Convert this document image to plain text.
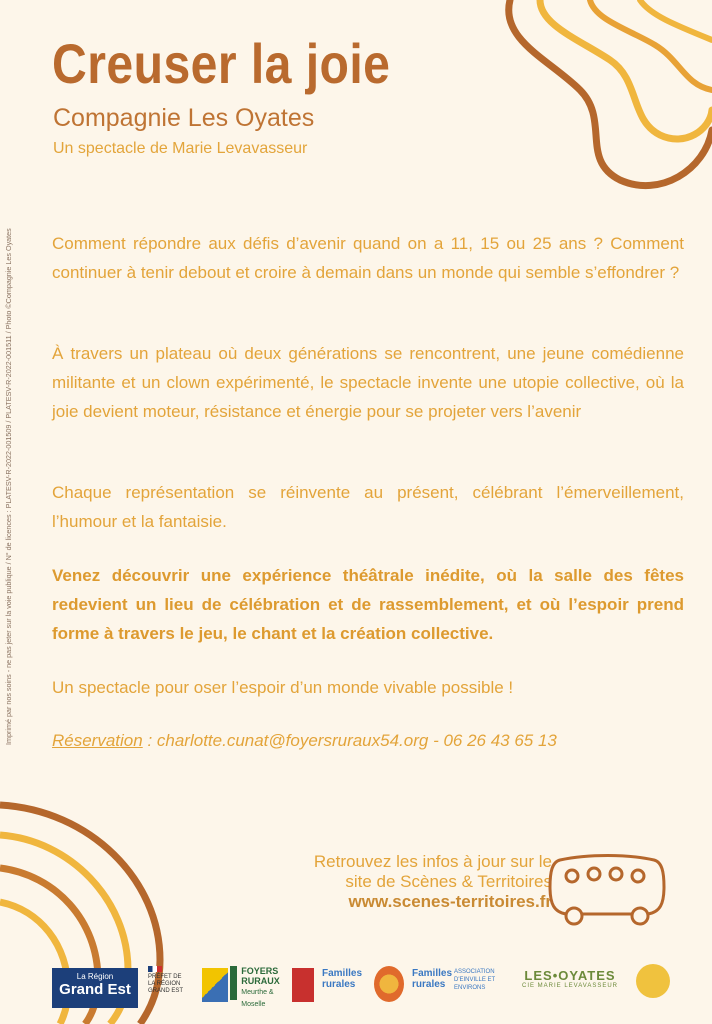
Creuser la joie
Compagnie Les Oyates
Un spectacle de Marie Levavasseur

Comment répondre aux défis d’avenir quand on a 11, 15 ou 25 ans ? Comment continuer à tenir debout et croire à demain dans un monde qui semble s’effondrer ?

À travers un plateau où deux générations se rencontrent, une jeune comédienne militante et un clown expérimenté, le spectacle invente une utopie collective, où la joie devient moteur, résistance et énergie pour se projeter vers l’avenir

Chaque représentation se réinvente au présent, célébrant l’émerveillement, l’humour et la fantaisie.

Venez découvrir une expérience théâtrale inédite, où la salle des fêtes redevient un lieu de célébration et de rassemblement, et où l’espoir prend forme à travers le jeu, le chant et la création collective.

Un spectacle pour oser l’espoir d’un monde vivable possible !

Réservation : charlotte.cunat@foyersruraux54.org - 06 26 43 65 13
Imprimé par nos soins - ne pas jeter sur la voie publique / N° de licences : PLATESV-R-2022-001509 / PLATESV-R-2022-001511 / Photo ©Compagnie Les Oyates
Retrouvez les infos à jour sur le
site de Scènes & Territoires
www.scenes-territoires.fr
La Région
Grand Est
PRÉFET DE LA RÉGION GRAND EST
FOYERS RURAUX
Meurthe & Moselle
Familles rurales
Familles rurales
ASSOCIATION D'EINVILLE ET ENVIRONS
LES•OYATES
CIE MARIE LEVAVASSEUR
